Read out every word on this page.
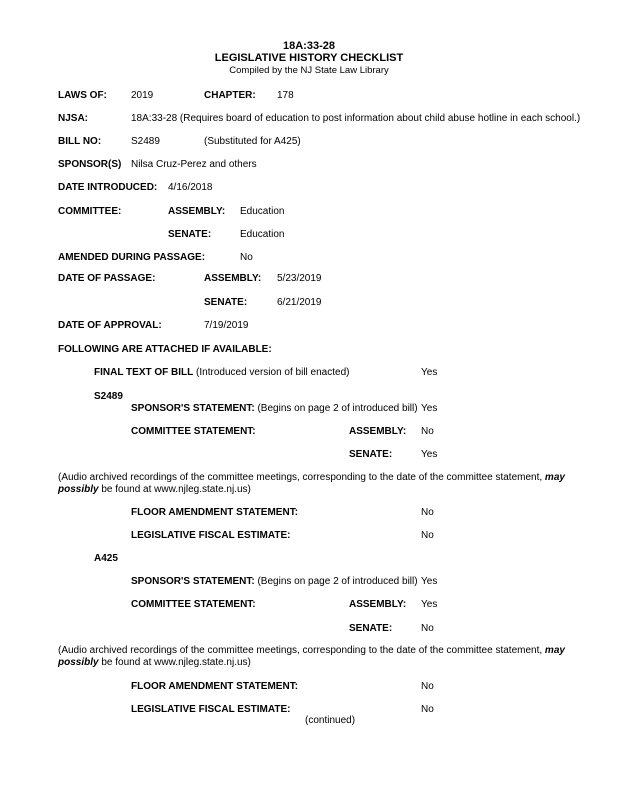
18A:33-28
LEGISLATIVE HISTORY CHECKLIST
Compiled by the NJ State Law Library
LAWS OF: 2019	CHAPTER: 178
NJSA:	18A:33-28 (Requires board of education to post information about child abuse hotline in each school.)
BILL NO:	S2489	(Substituted for A425)
SPONSOR(S) Nilsa Cruz-Perez and others
DATE INTRODUCED: 4/16/2018
COMMITTEE:	ASSEMBLY: Education
SENATE:	Education
AMENDED DURING PASSAGE:	No
DATE OF PASSAGE:	ASSEMBLY: 5/23/2019
SENATE:	6/21/2019
DATE OF APPROVAL:	7/19/2019
FOLLOWING ARE ATTACHED IF AVAILABLE:
FINAL TEXT OF BILL (Introduced version of bill enacted)	Yes
S2489
SPONSOR'S STATEMENT: (Begins on page 2 of introduced bill) Yes
COMMITTEE STATEMENT:	ASSEMBLY: No
SENATE:	Yes
(Audio archived recordings of the committee meetings, corresponding to the date of the committee statement, may possibly be found at www.njleg.state.nj.us)
FLOOR AMENDMENT STATEMENT:	No
LEGISLATIVE FISCAL ESTIMATE:	No
A425
SPONSOR'S STATEMENT: (Begins on page 2 of introduced bill) Yes
COMMITTEE STATEMENT:	ASSEMBLY: Yes
SENATE:	No
(Audio archived recordings of the committee meetings, corresponding to the date of the committee statement, may possibly be found at www.njleg.state.nj.us)
FLOOR AMENDMENT STATEMENT:	No
LEGISLATIVE FISCAL ESTIMATE:	No
(continued)
